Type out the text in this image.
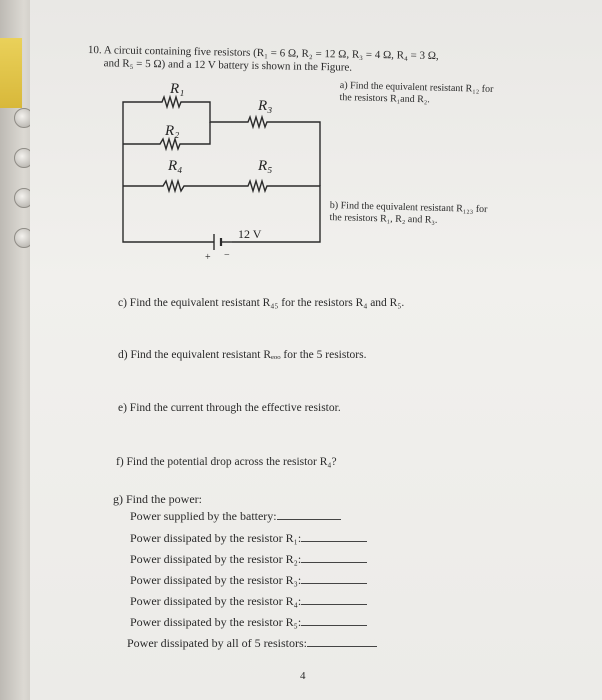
10. A circuit containing five resistors (R₁ = 6 Ω, R₂ = 12 Ω, R₃ = 4 Ω, R₄ = 3 Ω,
and R₅ = 5 Ω) and a 12 V battery is shown in the Figure.
R₁
R₃
R₂
R₄	R₅
12 V
+ −
a) Find the equivalent resistant R₁₂ for
the resistors R₁and R₂.
b) Find the equivalent resistant R₁₂₃ for
the resistors R₁, R₂ and R₃.
c) Find the equivalent resistant R₄₅ for the resistors R₄ and R₅.
d) Find the equivalent resistant Rₑₒₒ for the 5 resistors.
e) Find the current through the effective resistor.
f) Find the potential drop across the resistor R₄?
g) Find the power:
Power supplied by the battery:
Power dissipated by the resistor R₁:
Power dissipated by the resistor R₂:
Power dissipated by the resistor R₃:
Power dissipated by the resistor R₄:
Power dissipated by the resistor R₅:
Power dissipated by all of 5 resistors:
4
